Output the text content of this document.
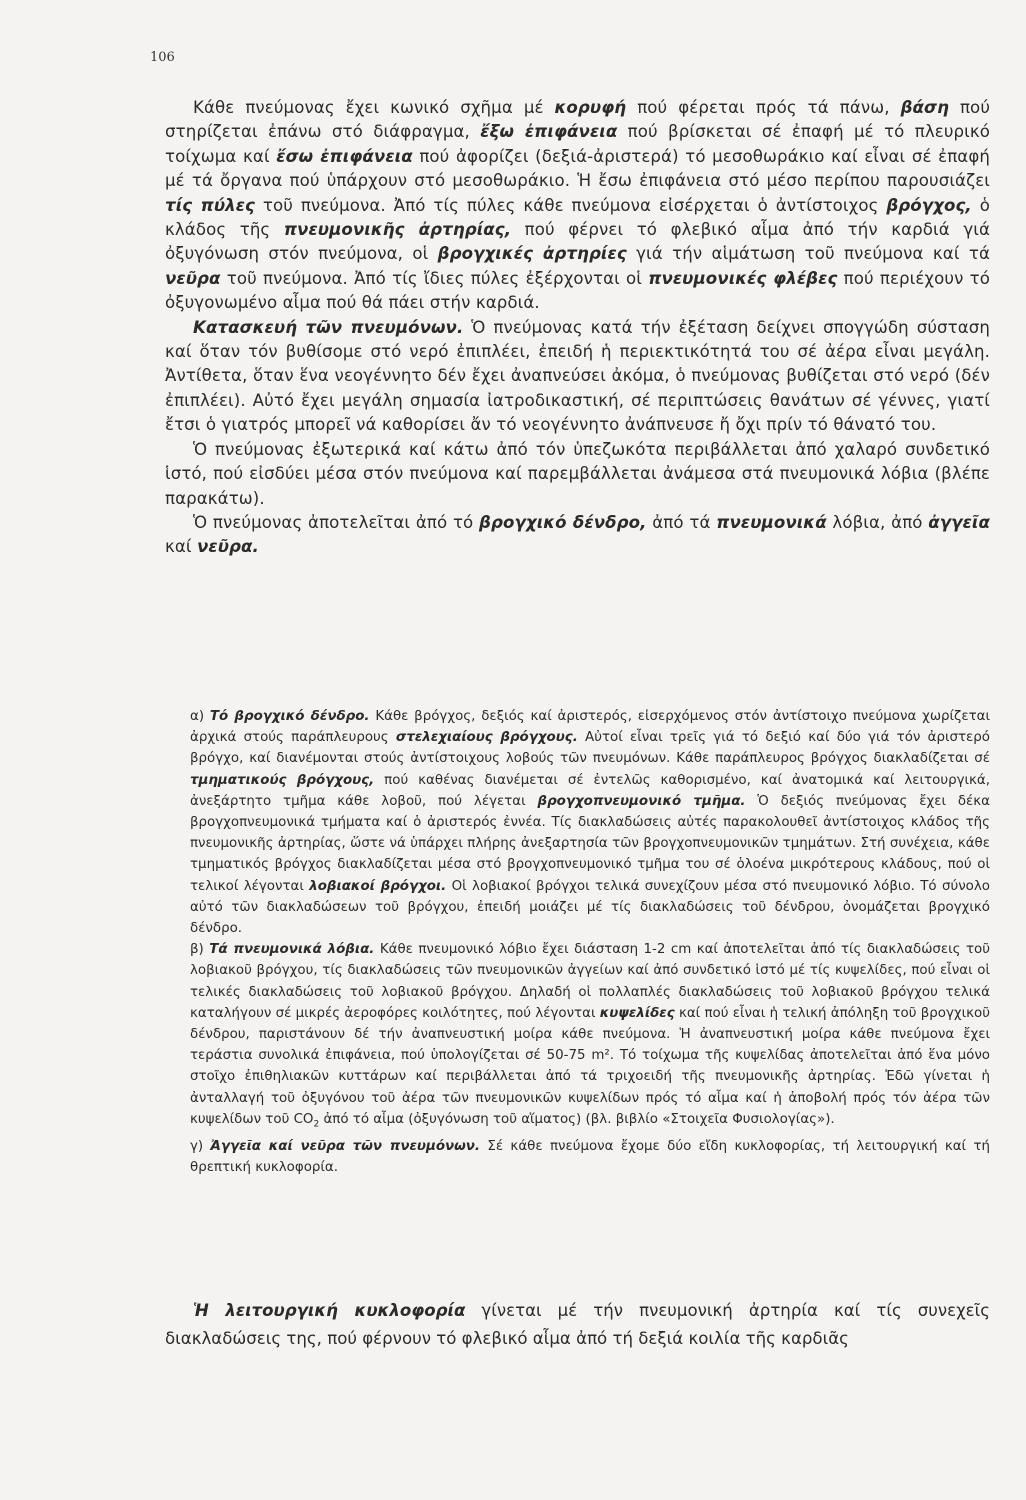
106

Κάθε πνεύμονας ἔχει κωνικό σχῆμα μέ κορυφή πού φέρεται πρός τά πάνω, βάση πού στηρίζεται ἐπάνω στό διάφραγμα, ἔξω ἐπιφάνεια πού βρίσκεται σέ ἐπαφή μέ τό πλευρικό τοίχωμα καί ἔσω ἐπιφάνεια πού ἀφορίζει (δεξιά-ἀριστερά) τό μεσοθωράκιο καί εἶναι σέ ἐπαφή μέ τά ὄργανα πού ὑπάρχουν στό μεσοθωράκιο. Ἡ ἔσω ἐπιφάνεια στό μέσο περίπου παρουσιάζει τίς πύλες τοῦ πνεύμονα. Ἀπό τίς πύλες κάθε πνεύμονα εἰσέρχεται ὁ ἀντίστοιχος βρόγχος, ὁ κλάδος τῆς πνευμονικῆς ἀρτηρίας, πού φέρνει τό φλεβικό αἷμα ἀπό τήν καρδιά γιά ὀξυγόνωση στόν πνεύμονα, οἱ βρογχικές ἀρτηρίες γιά τήν αἱμάτωση τοῦ πνεύμονα καί τά νεῦρα τοῦ πνεύμονα. Ἀπό τίς ἴδιες πύλες ἐξέρχονται οἱ πνευμονικές φλέβες πού περιέχουν τό ὀξυγονωμένο αἷμα πού θά πάει στήν καρδιά.

Κατασκευή τῶν πνευμόνων. Ὁ πνεύμονας κατά τήν ἐξέταση δείχνει σπογγώδη σύσταση καί ὅταν τόν βυθίσομε στό νερό ἐπιπλέει, ἐπειδή ἡ περιεκτικότητά του σέ ἀέρα εἶναι μεγάλη. Ἀντίθετα, ὅταν ἕνα νεογέννητο δέν ἔχει ἀναπνεύσει ἀκόμα, ὁ πνεύμονας βυθίζεται στό νερό (δέν ἐπιπλέει). Αὐτό ἔχει μεγάλη σημασία ἰατροδικαστική, σέ περιπτώσεις θανάτων σέ γέννες, γιατί ἔτσι ὁ γιατρός μπορεῖ νά καθορίσει ἄν τό νεογέννητο ἀνάπνευσε ἤ ὄχι πρίν τό θάνατό του.

Ὁ πνεύμονας ἐξωτερικά καί κάτω ἀπό τόν ὑπεζωκότα περιβάλλεται ἀπό χαλαρό συνδετικό ἱστό, πού εἰσδύει μέσα στόν πνεύμονα καί παρεμβάλλεται ἀνάμεσα στά πνευμονικά λόβια (βλέπε παρακάτω).

Ὁ πνεύμονας ἀποτελεῖται ἀπό τό βρογχικό δένδρο, ἀπό τά πνευμονικά λόβια, ἀπό ἀγγεῖα καί νεῦρα.

α) Τό βρογχικό δένδρο. Κάθε βρόγχος, δεξιός καί ἀριστερός, εἰσερχόμενος στόν ἀντίστοιχο πνεύμονα χωρίζεται ἀρχικά στούς παράπλευρους στελεχιαίους βρόγχους. Αὐτοί εἶναι τρεῖς γιά τό δεξιό καί δύο γιά τόν ἀριστερό βρόγχο, καί διανέμονται στούς ἀντίστοιχους λοβούς τῶν πνευμόνων. Κάθε παράπλευρος βρόγχος διακλαδίζεται σέ τμηματικούς βρόγχους, πού καθένας διανέμεται σέ ἐντελῶς καθορισμένο, καί ἀνατομικά καί λειτουργικά, ἀνεξάρτητο τμῆμα κάθε λοβοῦ, πού λέγεται βρογχοπνευμονικό τμῆμα. Ὁ δεξιός πνεύμονας ἔχει δέκα βρογχοπνευμονικά τμήματα καί ὁ ἀριστερός ἐννέα. Τίς διακλαδώσεις αὐτές παρακολουθεῖ ἀντίστοιχος κλάδος τῆς πνευμονικῆς ἀρτηρίας, ὥστε νά ὑπάρχει πλήρης ἀνεξαρτησία τῶν βρογχοπνευμονικῶν τμημάτων. Στή συνέχεια, κάθε τμηματικός βρόγχος διακλαδίζεται μέσα στό βρογχοπνευμονικό τμῆμα του σέ ὁλοένα μικρότερους κλάδους, πού οἱ τελικοί λέγονται λοβιακοί βρόγχοι. Οἱ λοβιακοί βρόγχοι τελικά συνεχίζουν μέσα στό πνευμονικό λόβιο. Τό σύνολο αὐτό τῶν διακλαδώσεων τοῦ βρόγχου, ἐπειδή μοιάζει μέ τίς διακλαδώσεις τοῦ δένδρου, ὀνομάζεται βρογχικό δένδρο.

β) Τά πνευμονικά λόβια. Κάθε πνευμονικό λόβιο ἔχει διάσταση 1-2 cm καί ἀποτελεῖται ἀπό τίς διακλαδώσεις τοῦ λοβιακοῦ βρόγχου, τίς διακλαδώσεις τῶν πνευμονικῶν ἀγγείων καί ἀπό συνδετικό ἱστό μέ τίς κυψελίδες, πού εἶναι οἱ τελικές διακλαδώσεις τοῦ λοβιακοῦ βρόγχου. Δηλαδή οἱ πολλαπλές διακλαδώσεις τοῦ λοβιακοῦ βρόγχου τελικά καταλήγουν σέ μικρές ἀεροφόρες κοιλότητες, πού λέγονται κυψελίδες καί πού εἶναι ἡ τελική ἀπόληξη τοῦ βρογχικοῦ δένδρου, παριστάνουν δέ τήν ἀναπνευστική μοίρα κάθε πνεύμονα. Ἡ ἀναπνευστική μοίρα κάθε πνεύμονα ἔχει τεράστια συνολικά ἐπιφάνεια, πού ὑπολογίζεται σέ 50-75 m². Τό τοίχωμα τῆς κυψελίδας ἀποτελεῖται ἀπό ἕνα μόνο στοῖχο ἐπιθηλιακῶν κυττάρων καί περιβάλλεται ἀπό τά τριχοειδή τῆς πνευμονικῆς ἀρτηρίας. Ἐδῶ γίνεται ἡ ἀνταλλαγή τοῦ ὀξυγόνου τοῦ ἀέρα τῶν πνευμονικῶν κυψελίδων πρός τό αἷμα καί ἡ ἀποβολή πρός τόν ἀέρα τῶν κυψελίδων τοῦ $CO_2$ ἀπό τό αἷμα (ὀξυγόνωση τοῦ αἵματος) (βλ. βιβλίο «Στοιχεῖα Φυσιολογίας»).

γ) Ἀγγεῖα καί νεῦρα τῶν πνευμόνων. Σέ κάθε πνεύμονα ἔχομε δύο εἴδη κυκλοφορίας, τή λειτουργική καί τή θρεπτική κυκλοφορία.

Ἡ λειτουργική κυκλοφορία γίνεται μέ τήν πνευμονική ἀρτηρία καί τίς συνεχεῖς διακλαδώσεις της, πού φέρνουν τό φλεβικό αἷμα ἀπό τή δεξιά κοιλία τῆς καρδιᾶς
